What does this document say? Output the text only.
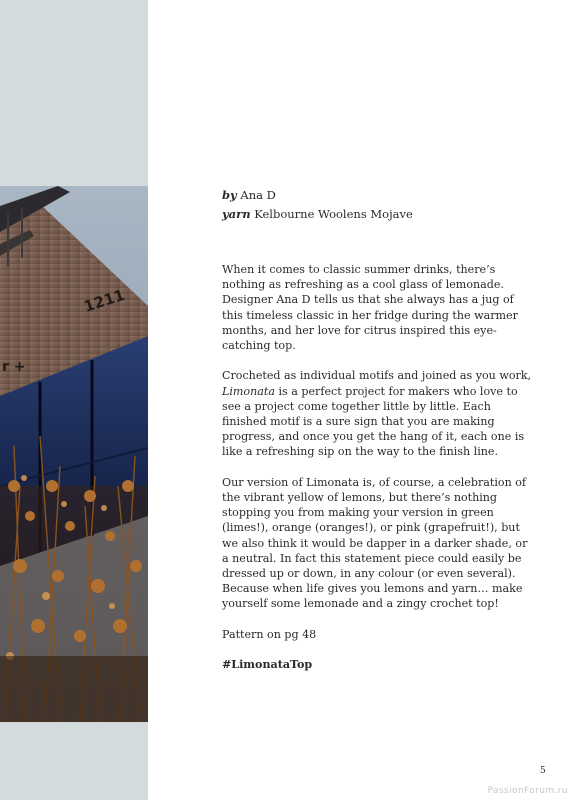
1211
r +
by Ana D
yarn Kelbourne Woolens Mojave

When it comes to classic summer drinks, there’s nothing as refreshing as a cool glass of lemonade. Designer Ana D tells us that she always has a jug of this timeless classic in her fridge during the warmer months, and her love for citrus inspired this eye-catching top.

Crocheted as individual motifs and joined as you work, Limonata is a perfect project for makers who love to see a project come together little by little. Each finished motif is a sure sign that you are making progress, and once you get the hang of it, each one is like a refreshing sip on the way to the finish line.

Our version of Limonata is, of course, a celebration of the vibrant yellow of lemons, but there’s nothing stopping you from making your version in green (limes!), orange (oranges!), or pink (grapefruit!), but we also think it would be dapper in a darker shade, or a neutral. In fact this statement piece could easily be dressed up or down, in any colour (or even several). Because when life gives you lemons and yarn… make yourself some lemonade and a zingy crochet top!

Pattern on pg 48

#LimonataTop

5
PassionForum.ru
